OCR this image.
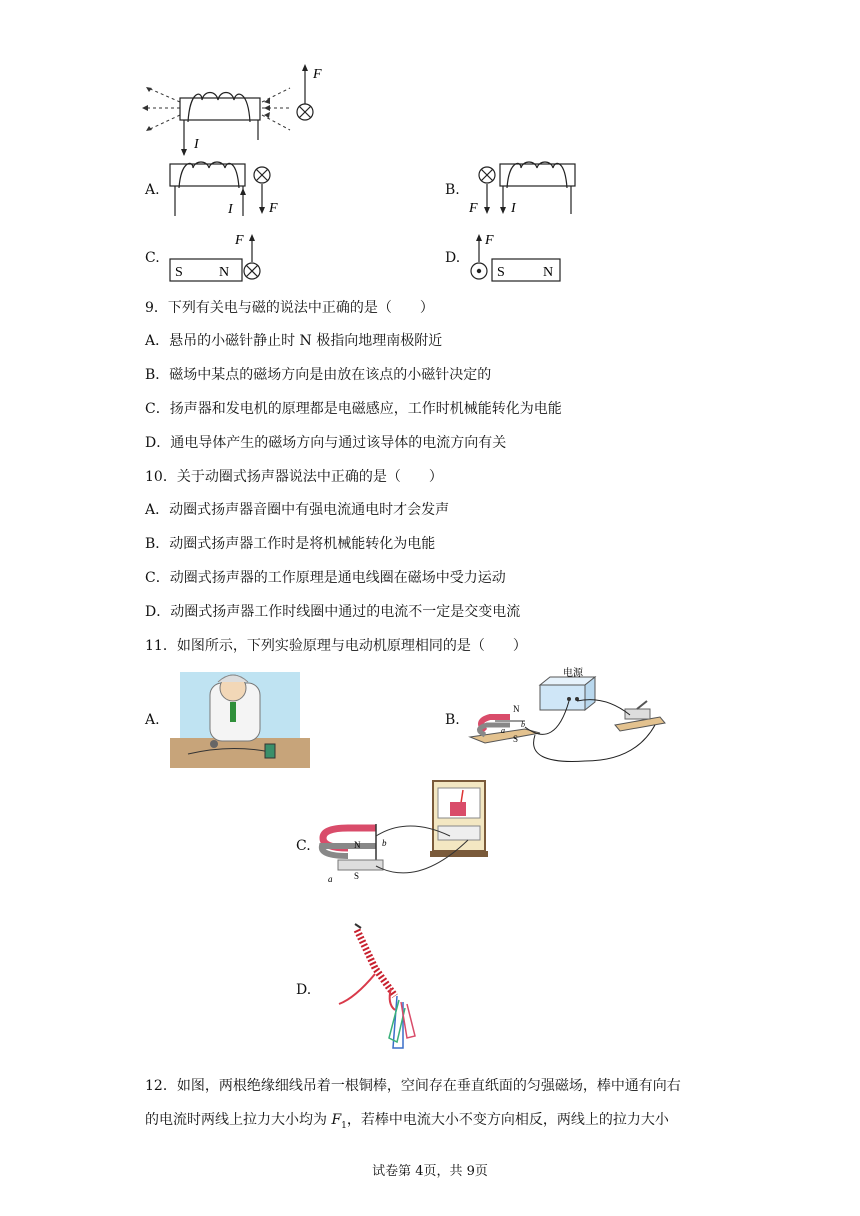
F
I
A.
I	F
B.
F I
C.
S	N
F
D.
F
S	N
9．下列有关电与磁的说法中正确的是（　　）
A．悬吊的小磁针静止时 N 极指向地理南极附近
B．磁场中某点的磁场方向是由放在该点的小磁针决定的
C．扬声器和发电机的原理都是电磁感应，工作时机械能转化为电能
D．通电导体产生的磁场方向与通过该导体的电流方向有关
10．关于动圈式扬声器说法中正确的是（　　）
A．动圈式扬声器音圈中有强电流通电时才会发声
B．动圈式扬声器工作时是将机械能转化为电能
C．动圈式扬声器的工作原理是通电线圈在磁场中受力运动
D．动圈式扬声器工作时线圈中通过的电流不一定是交变电流
11．如图所示，下列实验原理与电动机原理相同的是（　　）
A.	B.
电源
N
S
a
b
C.	N
S
a
b
D.
12．如图，两根绝缘细线吊着一根铜棒，空间存在垂直纸面的匀强磁场，棒中通有向右
的电流时两线上拉力大小均为 $F_1$，若棒中电流大小不变方向相反，两线上的拉力大小
试卷第 4页，共 9页
